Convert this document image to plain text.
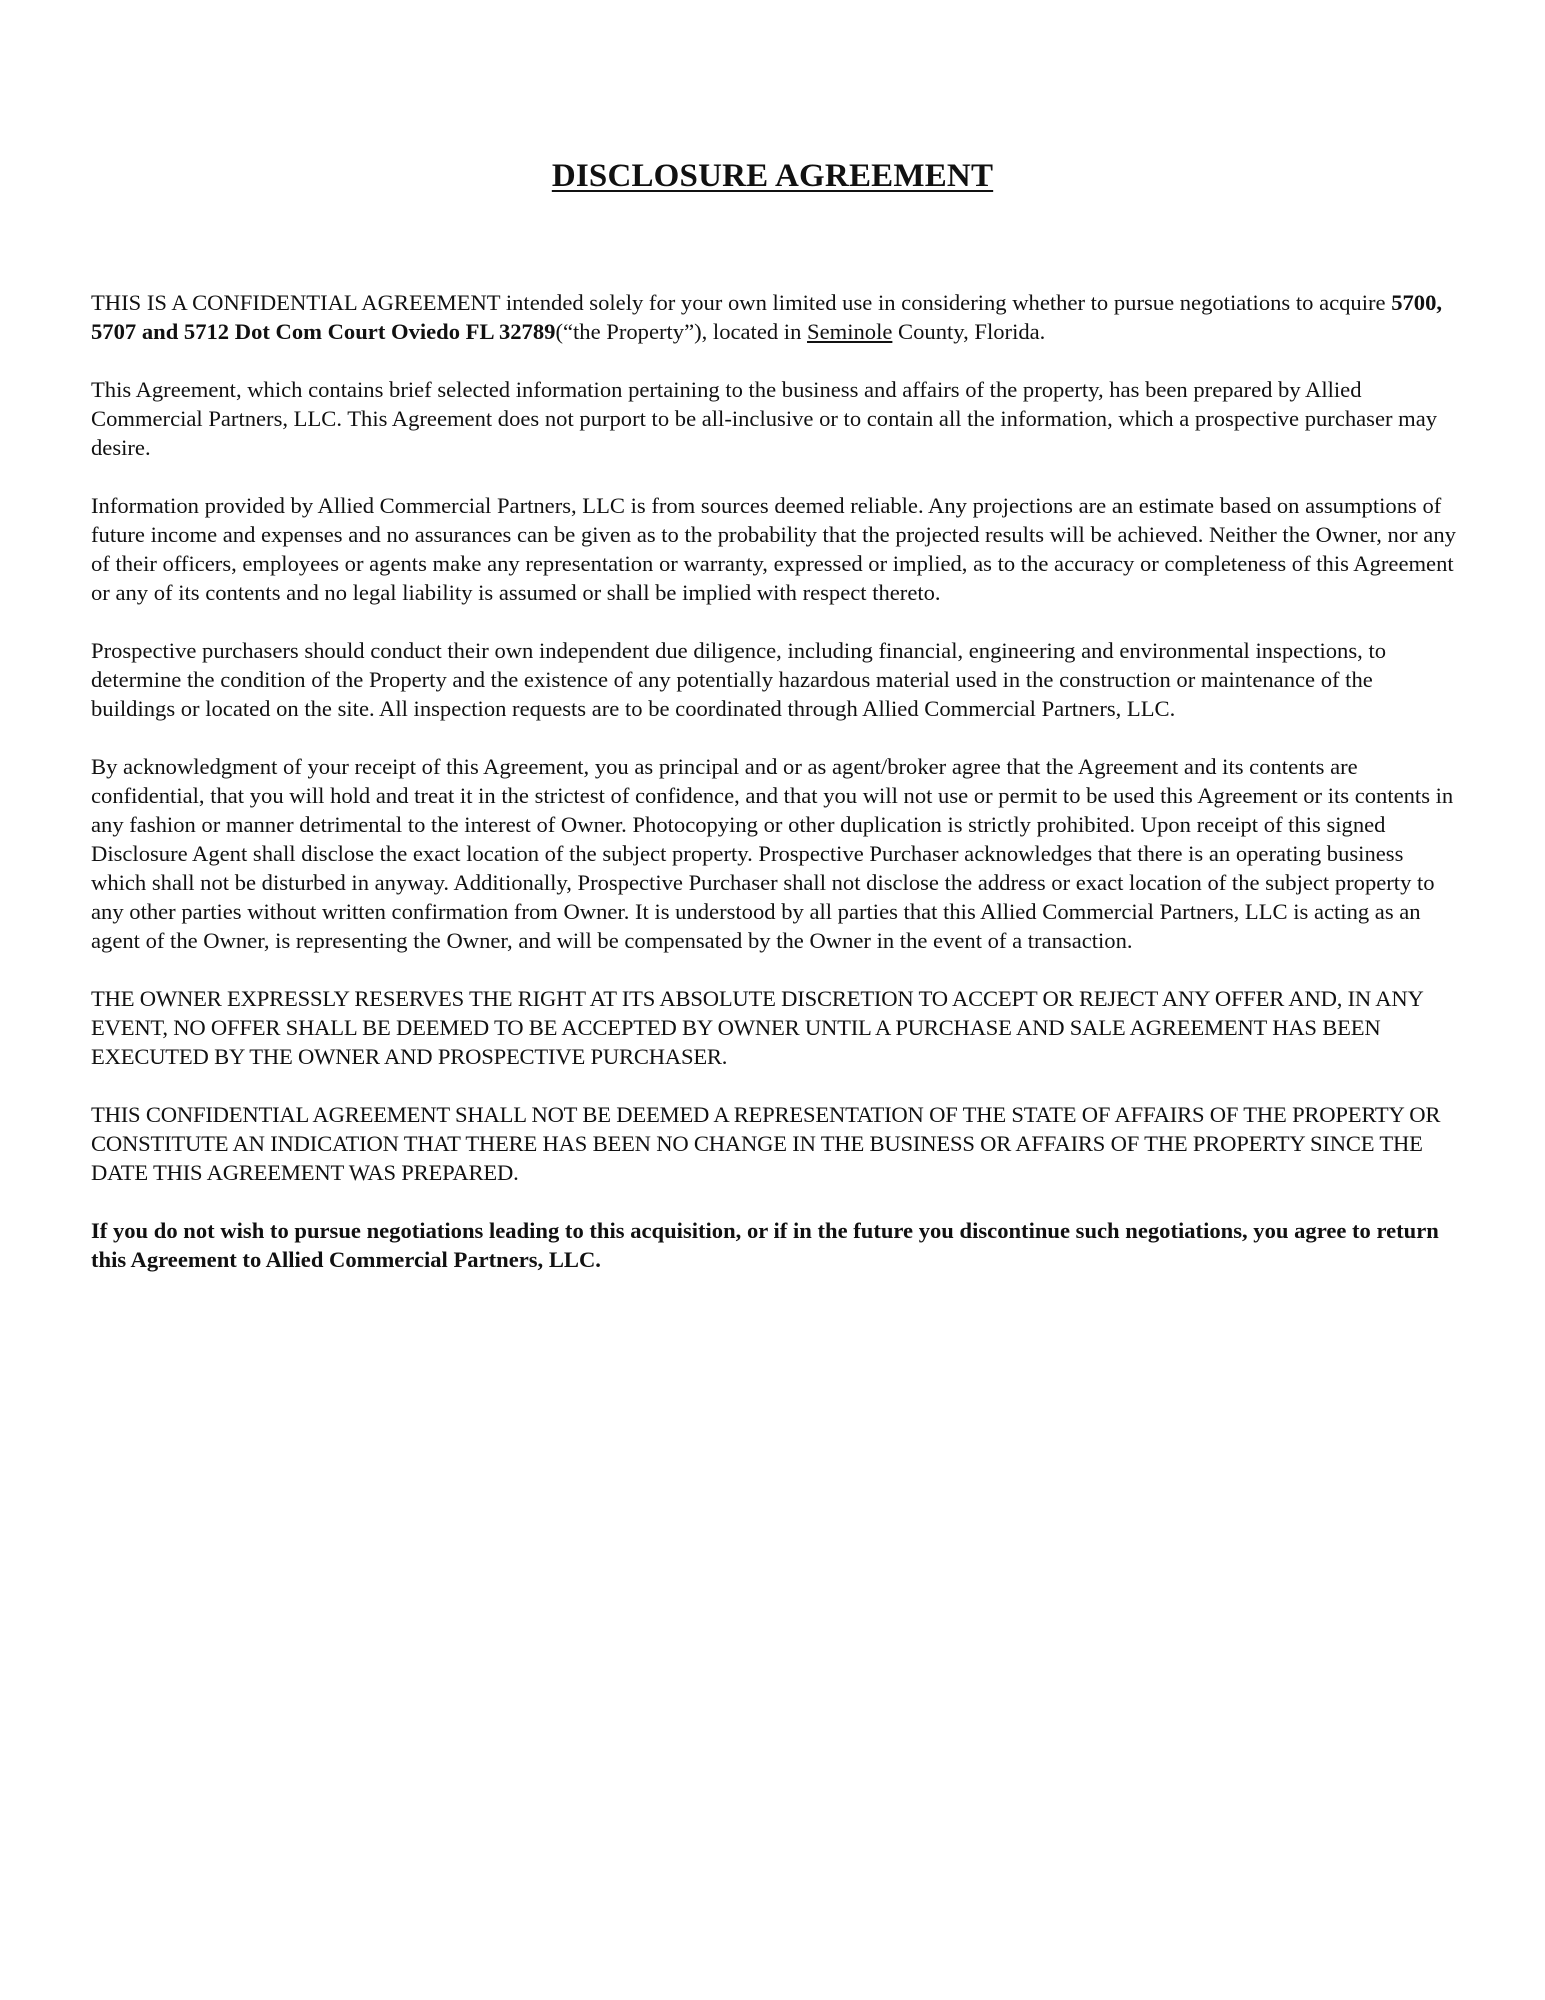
DISCLOSURE AGREEMENT

THIS IS A CONFIDENTIAL AGREEMENT intended solely for your own limited use in considering whether to pursue negotiations to acquire 5700, 5707 and 5712 Dot Com Court Oviedo FL 32789(“the Property”), located in Seminole County, Florida.

This Agreement, which contains brief selected information pertaining to the business and affairs of the property, has been prepared by Allied Commercial Partners, LLC. This Agreement does not purport to be all-inclusive or to contain all the information, which a prospective purchaser may desire.

Information provided by Allied Commercial Partners, LLC is from sources deemed reliable. Any projections are an estimate based on assumptions of future income and expenses and no assurances can be given as to the probability that the projected results will be achieved. Neither the Owner, nor any of their officers, employees or agents make any representation or warranty, expressed or implied, as to the accuracy or completeness of this Agreement or any of its contents and no legal liability is assumed or shall be implied with respect thereto.

Prospective purchasers should conduct their own independent due diligence, including financial, engineering and environmental inspections, to determine the condition of the Property and the existence of any potentially hazardous material used in the construction or maintenance of the buildings or located on the site. All inspection requests are to be coordinated through Allied Commercial Partners, LLC.

By acknowledgment of your receipt of this Agreement, you as principal and or as agent/broker agree that the Agreement and its contents are confidential, that you will hold and treat it in the strictest of confidence, and that you will not use or permit to be used this Agreement or its contents in any fashion or manner detrimental to the interest of Owner. Photocopying or other duplication is strictly prohibited. Upon receipt of this signed Disclosure Agent shall disclose the exact location of the subject property. Prospective Purchaser acknowledges that there is an operating business which shall not be disturbed in anyway. Additionally, Prospective Purchaser shall not disclose the address or exact location of the subject property to any other parties without written confirmation from Owner. It is understood by all parties that this Allied Commercial Partners, LLC is acting as an agent of the Owner, is representing the Owner, and will be compensated by the Owner in the event of a transaction.

THE OWNER EXPRESSLY RESERVES THE RIGHT AT ITS ABSOLUTE DISCRETION TO ACCEPT OR REJECT ANY OFFER AND, IN ANY EVENT, NO OFFER SHALL BE DEEMED TO BE ACCEPTED BY OWNER UNTIL A PURCHASE AND SALE AGREEMENT HAS BEEN EXECUTED BY THE OWNER AND PROSPECTIVE PURCHASER.

THIS CONFIDENTIAL AGREEMENT SHALL NOT BE DEEMED A REPRESENTATION OF THE STATE OF AFFAIRS OF THE PROPERTY OR CONSTITUTE AN INDICATION THAT THERE HAS BEEN NO CHANGE IN THE BUSINESS OR AFFAIRS OF THE PROPERTY SINCE THE DATE THIS AGREEMENT WAS PREPARED.

If you do not wish to pursue negotiations leading to this acquisition, or if in the future you discontinue such negotiations, you agree to return this Agreement to Allied Commercial Partners, LLC.
